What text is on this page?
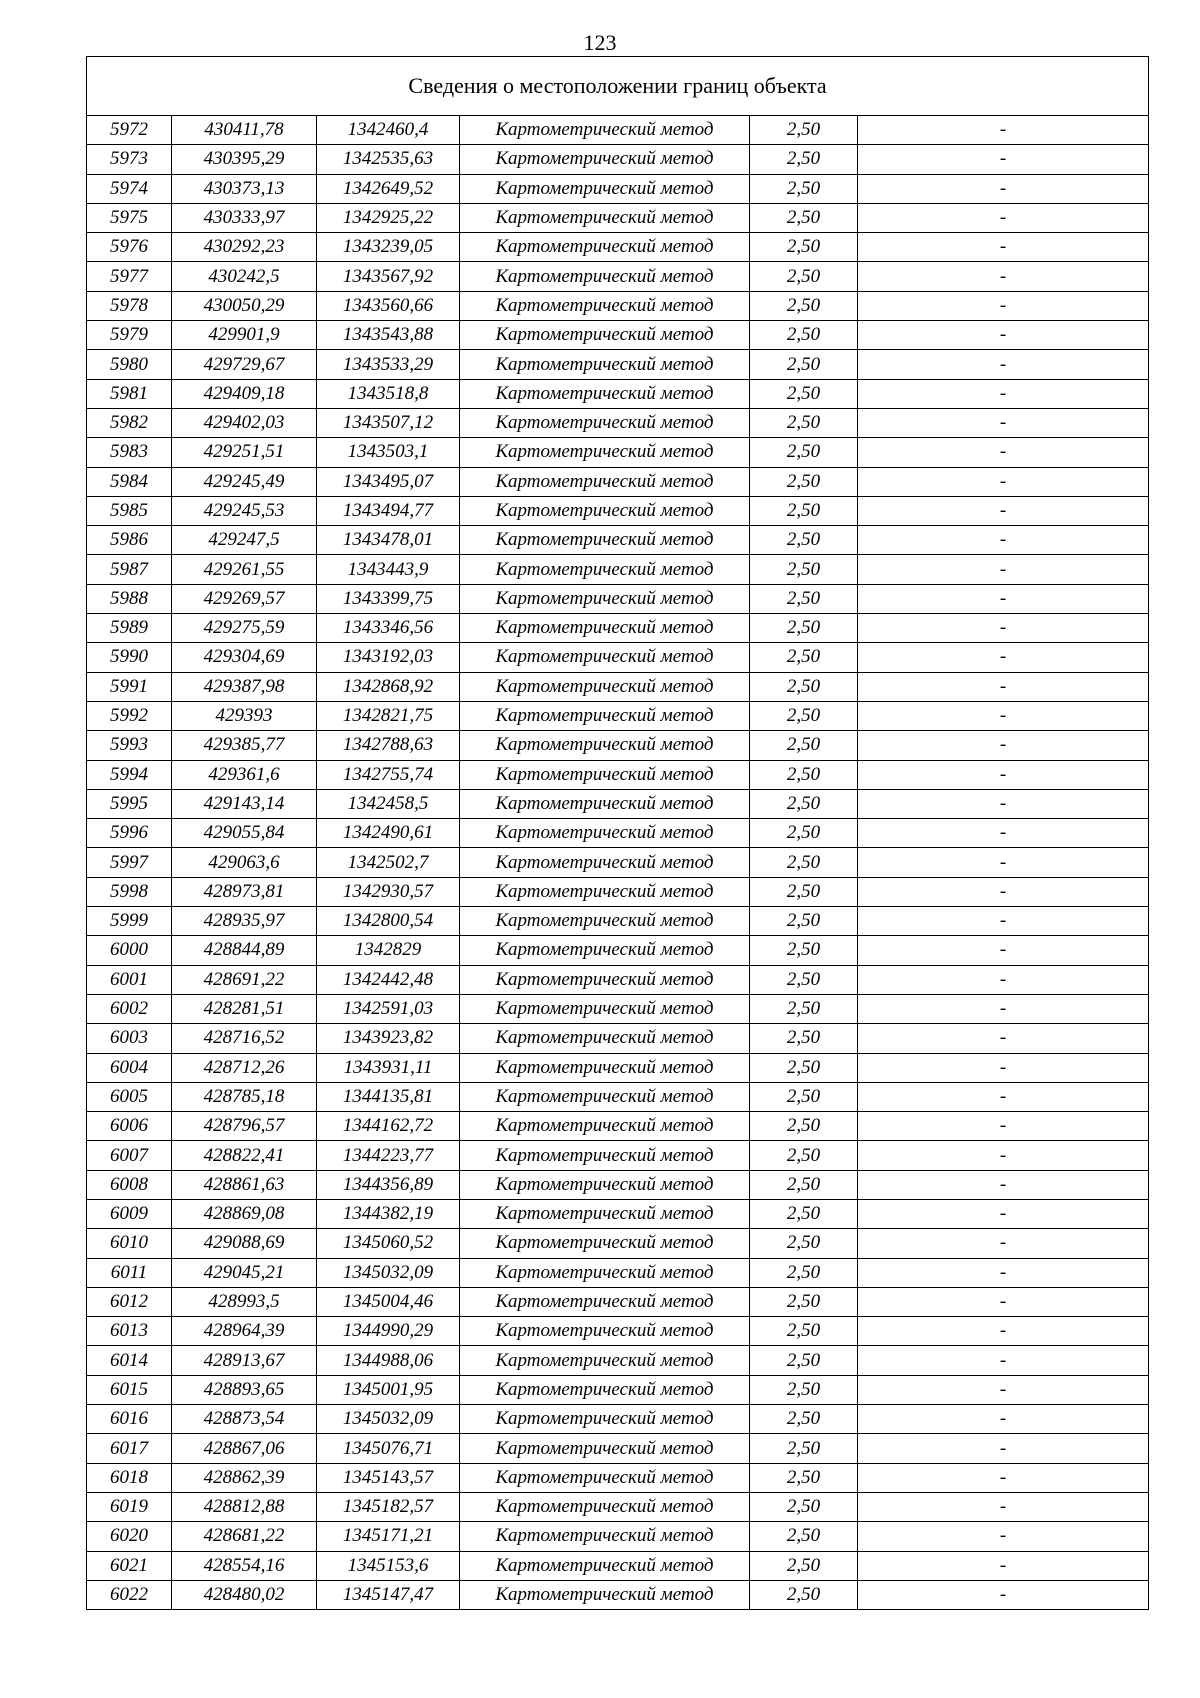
123
Сведения о местоположении границ объекта					
5972	430411,78	1342460,4	Картометрический метод	2,50	-
5973	430395,29	1342535,63	Картометрический метод	2,50	-
5974	430373,13	1342649,52	Картометрический метод	2,50	-
5975	430333,97	1342925,22	Картометрический метод	2,50	-
5976	430292,23	1343239,05	Картометрический метод	2,50	-
5977	430242,5	1343567,92	Картометрический метод	2,50	-
5978	430050,29	1343560,66	Картометрический метод	2,50	-
5979	429901,9	1343543,88	Картометрический метод	2,50	-
5980	429729,67	1343533,29	Картометрический метод	2,50	-
5981	429409,18	1343518,8	Картометрический метод	2,50	-
5982	429402,03	1343507,12	Картометрический метод	2,50	-
5983	429251,51	1343503,1	Картометрический метод	2,50	-
5984	429245,49	1343495,07	Картометрический метод	2,50	-
5985	429245,53	1343494,77	Картометрический метод	2,50	-
5986	429247,5	1343478,01	Картометрический метод	2,50	-
5987	429261,55	1343443,9	Картометрический метод	2,50	-
5988	429269,57	1343399,75	Картометрический метод	2,50	-
5989	429275,59	1343346,56	Картометрический метод	2,50	-
5990	429304,69	1343192,03	Картометрический метод	2,50	-
5991	429387,98	1342868,92	Картометрический метод	2,50	-
5992	429393	1342821,75	Картометрический метод	2,50	-
5993	429385,77	1342788,63	Картометрический метод	2,50	-
5994	429361,6	1342755,74	Картометрический метод	2,50	-
5995	429143,14	1342458,5	Картометрический метод	2,50	-
5996	429055,84	1342490,61	Картометрический метод	2,50	-
5997	429063,6	1342502,7	Картометрический метод	2,50	-
5998	428973,81	1342930,57	Картометрический метод	2,50	-
5999	428935,97	1342800,54	Картометрический метод	2,50	-
6000	428844,89	1342829	Картометрический метод	2,50	-
6001	428691,22	1342442,48	Картометрический метод	2,50	-
6002	428281,51	1342591,03	Картометрический метод	2,50	-
6003	428716,52	1343923,82	Картометрический метод	2,50	-
6004	428712,26	1343931,11	Картометрический метод	2,50	-
6005	428785,18	1344135,81	Картометрический метод	2,50	-
6006	428796,57	1344162,72	Картометрический метод	2,50	-
6007	428822,41	1344223,77	Картометрический метод	2,50	-
6008	428861,63	1344356,89	Картометрический метод	2,50	-
6009	428869,08	1344382,19	Картометрический метод	2,50	-
6010	429088,69	1345060,52	Картометрический метод	2,50	-
6011	429045,21	1345032,09	Картометрический метод	2,50	-
6012	428993,5	1345004,46	Картометрический метод	2,50	-
6013	428964,39	1344990,29	Картометрический метод	2,50	-
6014	428913,67	1344988,06	Картометрический метод	2,50	-
6015	428893,65	1345001,95	Картометрический метод	2,50	-
6016	428873,54	1345032,09	Картометрический метод	2,50	-
6017	428867,06	1345076,71	Картометрический метод	2,50	-
6018	428862,39	1345143,57	Картометрический метод	2,50	-
6019	428812,88	1345182,57	Картометрический метод	2,50	-
6020	428681,22	1345171,21	Картометрический метод	2,50	-
6021	428554,16	1345153,6	Картометрический метод	2,50	-
6022	428480,02	1345147,47	Картометрический метод	2,50	-
